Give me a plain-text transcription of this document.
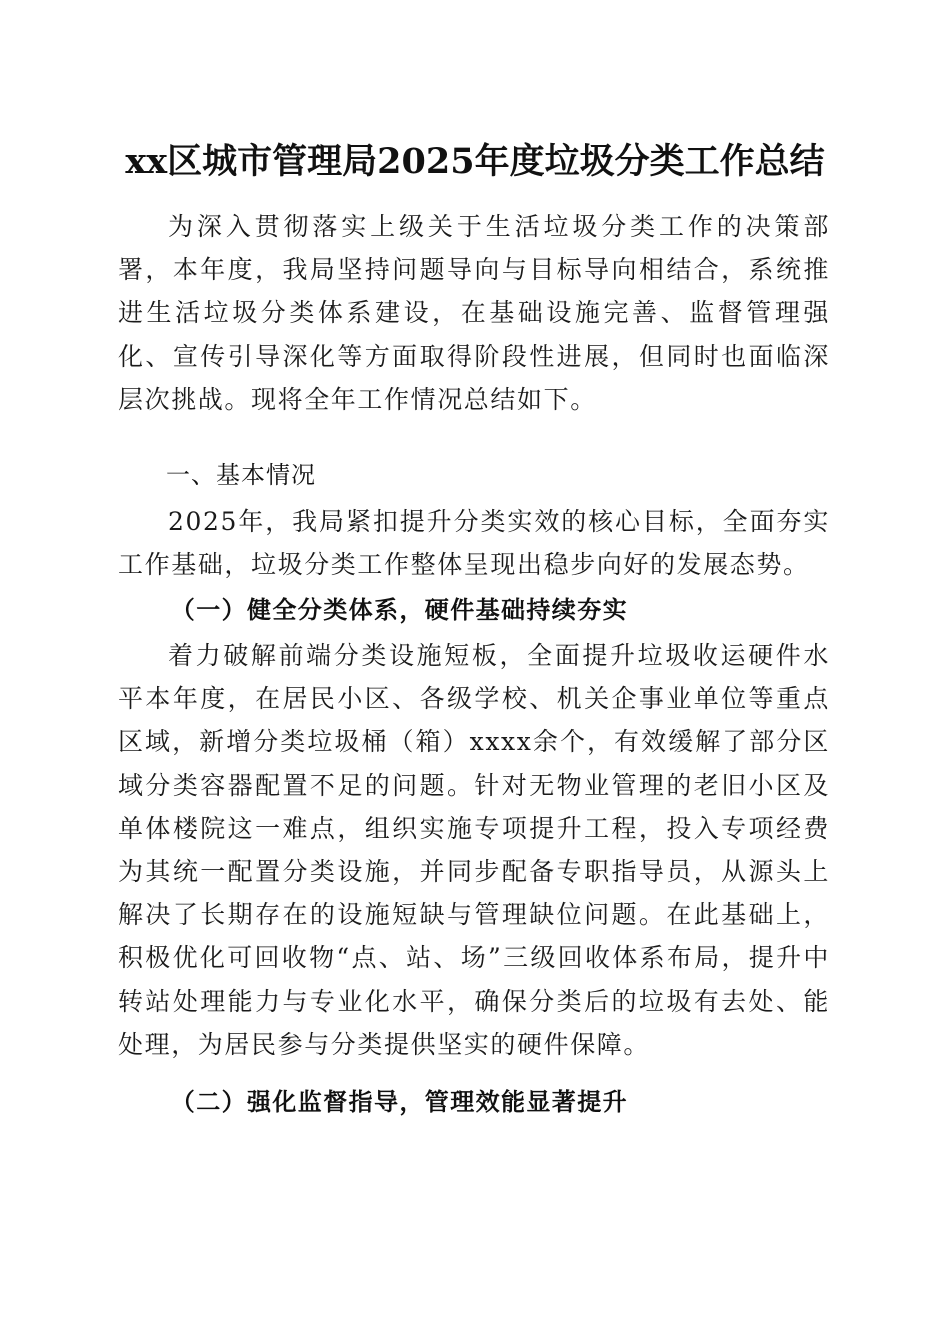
xx区城市管理局2025年度垃圾分类工作总结

为深入贯彻落实上级关于生活垃圾分类工作的决策部署，本年度，我局坚持问题导向与目标导向相结合，系统推进生活垃圾分类体系建设，在基础设施完善、监督管理强化、宣传引导深化等方面取得阶段性进展，但同时也面临深层次挑战。现将全年工作情况总结如下。

一、基本情况

2025年，我局紧扣提升分类实效的核心目标，全面夯实工作基础，垃圾分类工作整体呈现出稳步向好的发展态势。

（一）健全分类体系，硬件基础持续夯实

着力破解前端分类设施短板，全面提升垃圾收运硬件水平本年度，在居民小区、各级学校、机关企事业单位等重点区域，新增分类垃圾桶（箱）xxxx余个，有效缓解了部分区域分类容器配置不足的问题。针对无物业管理的老旧小区及单体楼院这一难点，组织实施专项提升工程，投入专项经费为其统一配置分类设施，并同步配备专职指导员，从源头上解决了长期存在的设施短缺与管理缺位问题。在此基础上，积极优化可回收物“点、站、场”三级回收体系布局，提升中转站处理能力与专业化水平，确保分类后的垃圾有去处、能处理，为居民参与分类提供坚实的硬件保障。

（二）强化监督指导，管理效能显著提升
